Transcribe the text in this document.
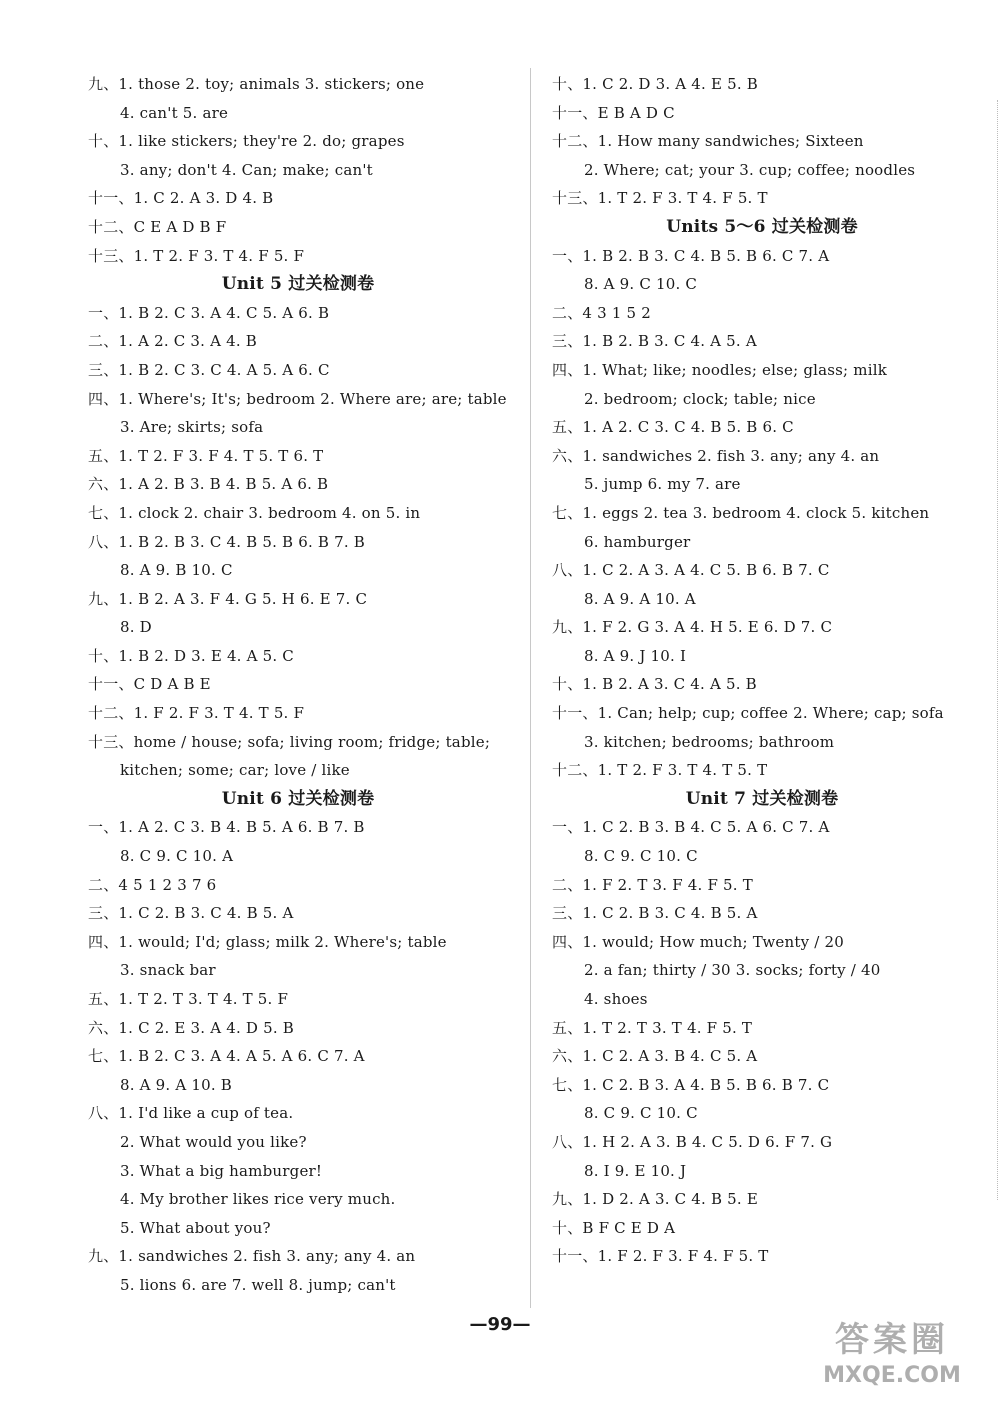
九、1. those 2. toy; animals 3. stickers; one
4. can't 5. are
十、1. like stickers; they're 2. do; grapes
3. any; don't 4. Can; make; can't
十一、1. C 2. A 3. D 4. B
十二、C E A D B F
十三、1. T 2. F 3. T 4. F 5. F
Unit 5 过关检测卷
一、1. B 2. C 3. A 4. C 5. A 6. B
二、1. A 2. C 3. A 4. B
三、1. B 2. C 3. C 4. A 5. A 6. C
四、1. Where's; It's; bedroom 2. Where are; are; table
3. Are; skirts; sofa
五、1. T 2. F 3. F 4. T 5. T 6. T
六、1. A 2. B 3. B 4. B 5. A 6. B
七、1. clock 2. chair 3. bedroom 4. on 5. in
八、1. B 2. B 3. C 4. B 5. B 6. B 7. B
8. A 9. B 10. C
九、1. B 2. A 3. F 4. G 5. H 6. E 7. C
8. D
十、1. B 2. D 3. E 4. A 5. C
十一、C D A B E
十二、1. F 2. F 3. T 4. T 5. F
十三、home / house; sofa; living room; fridge; table;
kitchen; some; car; love / like
Unit 6 过关检测卷
一、1. A 2. C 3. B 4. B 5. A 6. B 7. B
8. C 9. C 10. A
二、4 5 1 2 3 7 6
三、1. C 2. B 3. C 4. B 5. A
四、1. would; I'd; glass; milk 2. Where's; table
3. snack bar
五、1. T 2. T 3. T 4. T 5. F
六、1. C 2. E 3. A 4. D 5. B
七、1. B 2. C 3. A 4. A 5. A 6. C 7. A
8. A 9. A 10. B
八、1. I'd like a cup of tea.
2. What would you like?
3. What a big hamburger!
4. My brother likes rice very much.
5. What about you?
九、1. sandwiches 2. fish 3. any; any 4. an
5. lions 6. are 7. well 8. jump; can't
十、1. C 2. D 3. A 4. E 5. B
十一、E B A D C
十二、1. How many sandwiches; Sixteen
2. Where; cat; your 3. cup; coffee; noodles
十三、1. T 2. F 3. T 4. F 5. T
Units 5～6 过关检测卷
一、1. B 2. B 3. C 4. B 5. B 6. C 7. A
8. A 9. C 10. C
二、4 3 1 5 2
三、1. B 2. B 3. C 4. A 5. A
四、1. What; like; noodles; else; glass; milk
2. bedroom; clock; table; nice
五、1. A 2. C 3. C 4. B 5. B 6. C
六、1. sandwiches 2. fish 3. any; any 4. an
5. jump 6. my 7. are
七、1. eggs 2. tea 3. bedroom 4. clock 5. kitchen
6. hamburger
八、1. C 2. A 3. A 4. C 5. B 6. B 7. C
8. A 9. A 10. A
九、1. F 2. G 3. A 4. H 5. E 6. D 7. C
8. A 9. J 10. I
十、1. B 2. A 3. C 4. A 5. B
十一、1. Can; help; cup; coffee 2. Where; cap; sofa
3. kitchen; bedrooms; bathroom
十二、1. T 2. F 3. T 4. T 5. T
Unit 7 过关检测卷
一、1. C 2. B 3. B 4. C 5. A 6. C 7. A
8. C 9. C 10. C
二、1. F 2. T 3. F 4. F 5. T
三、1. C 2. B 3. C 4. B 5. A
四、1. would; How much; Twenty / 20
2. a fan; thirty / 30 3. socks; forty / 40
4. shoes
五、1. T 2. T 3. T 4. F 5. T
六、1. C 2. A 3. B 4. C 5. A
七、1. C 2. B 3. A 4. B 5. B 6. B 7. C
8. C 9. C 10. C
八、1. H 2. A 3. B 4. C 5. D 6. F 7. G
8. I 9. E 10. J
九、1. D 2. A 3. C 4. B 5. E
十、B F C E D A
十一、1. F 2. F 3. F 4. F 5. T
—99—	答案圈
MXQE.COM
